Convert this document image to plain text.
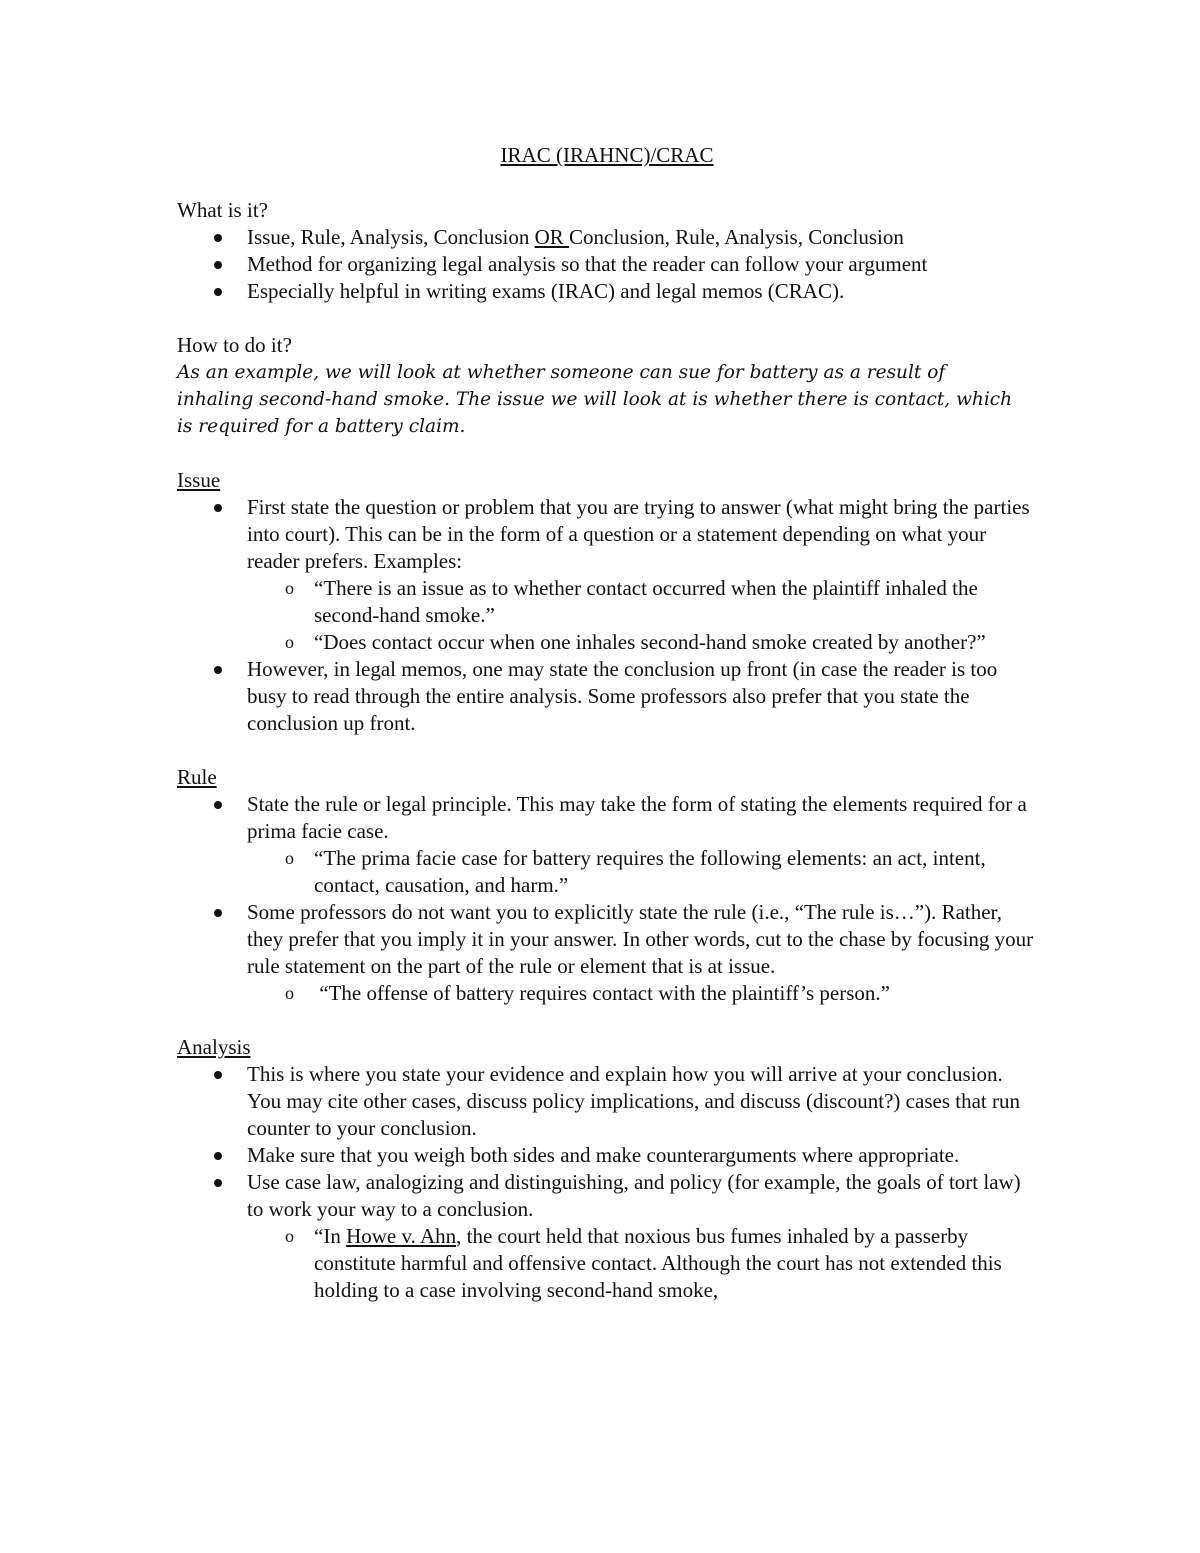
IRAC (IRAHNC)/CRAC

What is it?

Issue, Rule, Analysis, Conclusion OR Conclusion, Rule, Analysis, Conclusion
Method for organizing legal analysis so that the reader can follow your argument
Especially helpful in writing exams (IRAC) and legal memos (CRAC).

How to do it?

As an example, we will look at whether someone can sue for battery as a result of inhaling second-hand smoke. The issue we will look at is whether there is contact, which is required for a battery claim.

Issue

First state the question or problem that you are trying to answer (what might bring the parties into court). This can be in the form of a question or a statement depending on what your reader prefers. Examples:
o “There is an issue as to whether contact occurred when the plaintiff inhaled the second-hand smoke.”
o “Does contact occur when one inhales second-hand smoke created by another?”
However, in legal memos, one may state the conclusion up front (in case the reader is too busy to read through the entire analysis. Some professors also prefer that you state the conclusion up front.

Rule

State the rule or legal principle. This may take the form of stating the elements required for a prima facie case.
o “The prima facie case for battery requires the following elements: an act, intent, contact, causation, and harm.”
Some professors do not want you to explicitly state the rule (i.e., “The rule is…”). Rather, they prefer that you imply it in your answer. In other words, cut to the chase by focusing your rule statement on the part of the rule or element that is at issue.
o “The offense of battery requires contact with the plaintiff’s person.”

Analysis

This is where you state your evidence and explain how you will arrive at your conclusion. You may cite other cases, discuss policy implications, and discuss (discount?) cases that run counter to your conclusion.
Make sure that you weigh both sides and make counterarguments where appropriate.
Use case law, analogizing and distinguishing, and policy (for example, the goals of tort law) to work your way to a conclusion.
o “In Howe v. Ahn, the court held that noxious bus fumes inhaled by a passerby constitute harmful and offensive contact. Although the court has not extended this holding to a case involving second-hand smoke,
